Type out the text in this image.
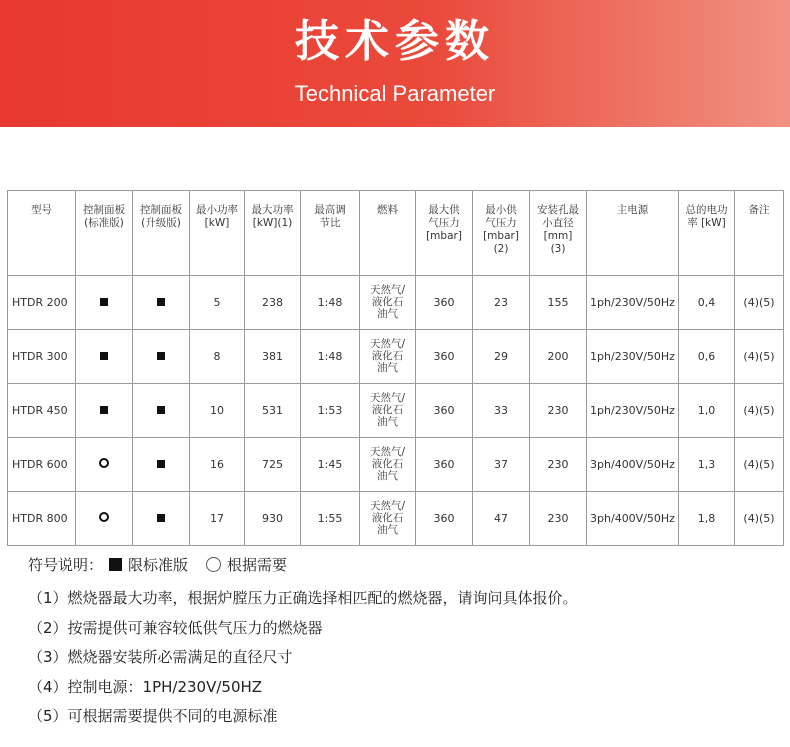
技术参数
Technical Parameter
型号	控制面板 (标准版)	控制面板 (升级版)	最小功率 [kW]	最大功率 [kW](1)	最高调 节比	燃料	最大供 气压力 [mbar]	最小供 气压力 [mbar] (2)	安装孔最 小直径 [mm] (3)	主电源	总的电功 率 [kW]	备注
HTDR 200			5	238	1:48	天然气/液化石油气	360	23	155	1ph/230V/50Hz	0,4	(4)(5)
HTDR 300			8	381	1:48	天然气/液化石油气	360	29	200	1ph/230V/50Hz	0,6	(4)(5)
HTDR 450			10	531	1:53	天然气/液化石油气	360	33	230	1ph/230V/50Hz	1,0	(4)(5)
HTDR 600			16	725	1:45	天然气/液化石油气	360	37	230	3ph/400V/50Hz	1,3	(4)(5)
HTDR 800			17	930	1:55	天然气/液化石油气	360	47	230	3ph/400V/50Hz	1,8	(4)(5)
符号说明： 限标准版	根据需要
（1）燃烧器最大功率，根据炉膛压力正确选择相匹配的燃烧器，请询问具体报价。
（2）按需提供可兼容较低供气压力的燃烧器
（3）燃烧器安装所必需满足的直径尺寸
（4）控制电源：1PH/230V/50HZ
（5）可根据需要提供不同的电源标准
